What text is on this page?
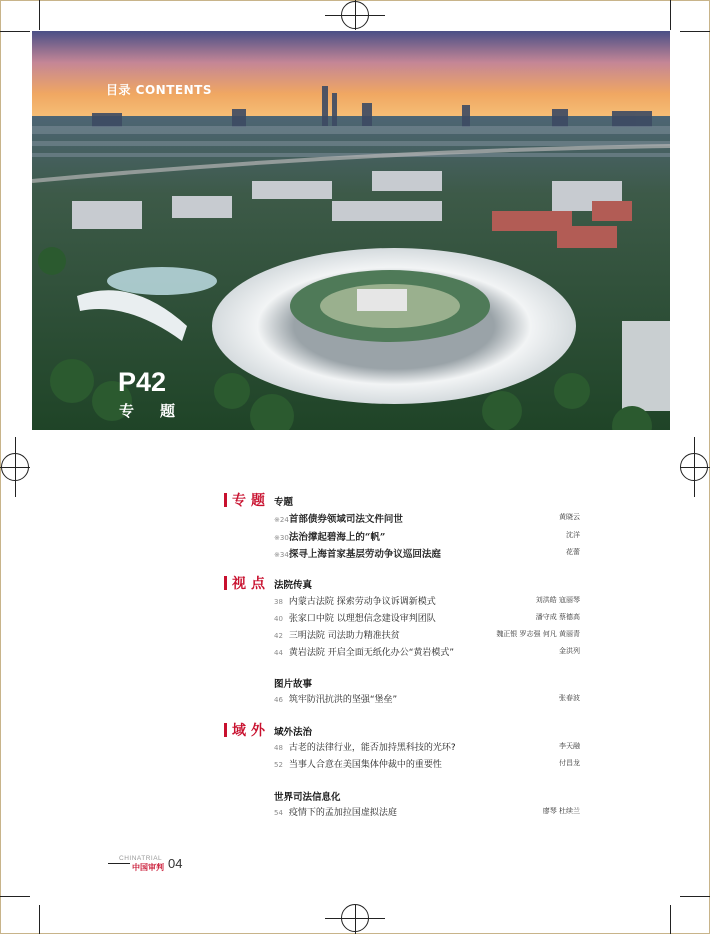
目录 CONTENTS
P42
专题
专题 专题
※24 首部债券领域司法文件问世	黄晓云
※30 法治撑起碧海上的“帆”	沈洋
※34 探寻上海首家基层劳动争议巡回法庭	花蕾
视点 法院传真
38 内蒙古法院 探索劳动争议诉调新模式	刘洪皓 寇丽琴
40 张家口中院 以理想信念建设审判团队	潘守成 蔡德高
42 三明法院 司法助力精准扶贫	魏正银 罗志强 何凡 黄丽青
44 黄岩法院 开启全面无纸化办公“黄岩模式”	金洪列
图片故事
46 筑牢防汛抗洪的坚强“堡垒”	张春波
域外 域外法治
48 古老的法律行业，能否加持黑科技的光环?	李天融
52 当事人合意在美国集体仲裁中的重要性	付昌龙
世界司法信息化
54 疫情下的孟加拉国虚拟法庭	廖琴 杜续兰
CHINATRIAL
中国审判 04
